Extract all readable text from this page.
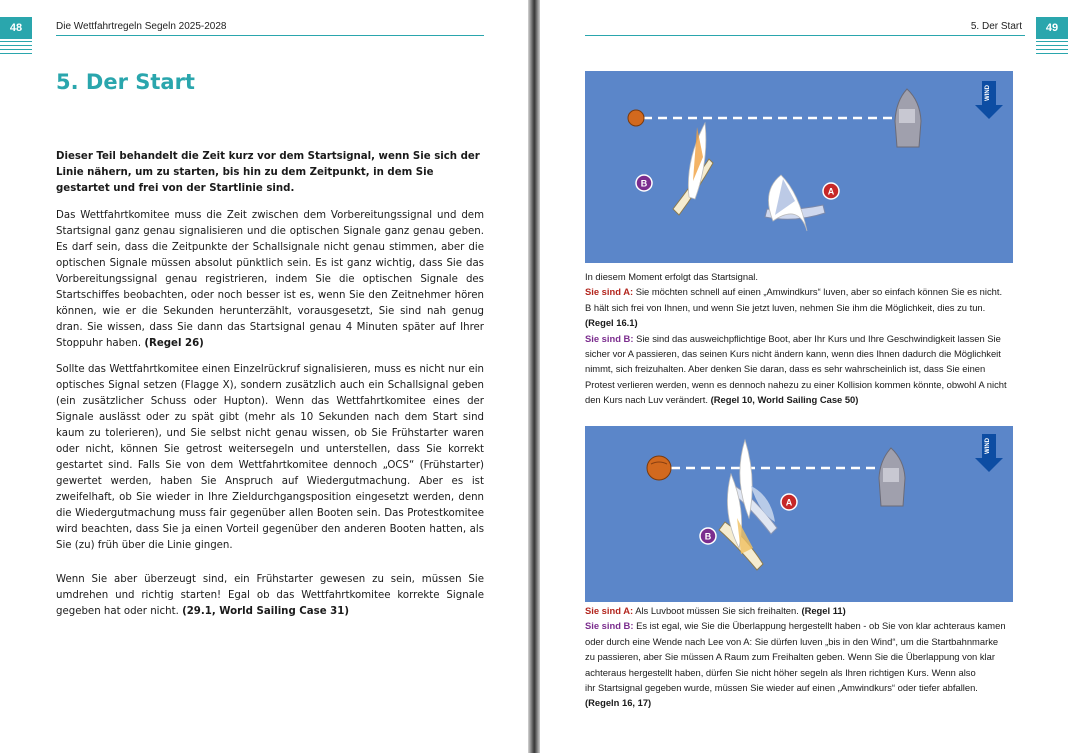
48	Die Wettfahrtregeln Segeln 2025-2028
5. Der Start

Dieser Teil behandelt die Zeit kurz vor dem Startsignal, wenn Sie sich der Linie nähern, um zu starten, bis hin zu dem Zeitpunkt, in dem Sie gestartet und frei von der Startlinie sind.

Das Wettfahrtkomitee muss die Zeit zwischen dem Vorbereitungssignal und dem Startsignal ganz genau signalisieren und die optischen Signale ganz genau geben. Es darf sein, dass die Zeitpunkte der Schallsignale nicht genau stimmen, aber die optischen Signale müssen absolut pünktlich sein. Es ist ganz wichtig, dass Sie das Vorbereitungssignal genau registrieren, indem Sie die optischen Signale des Startschiffes beobachten, oder noch besser ist es, wenn Sie den Zeitnehmer hören können, wie er die Sekunden herunterzählt, vorausgesetzt, Sie sind nah genug dran. Sie wissen, dass Sie dann das Startsignal genau 4 Minuten später auf Ihrer Stoppuhr haben. (Regel 26)

Sollte das Wettfahrtkomitee einen Einzelrückruf signalisieren, muss es nicht nur ein optisches Signal setzen (Flagge X), sondern zusätzlich auch ein Schallsignal geben (ein zusätzlicher Schuss oder Hupton). Wenn das Wettfahrtkomitee eines der Signale auslässt oder zu spät gibt (mehr als 10 Sekunden nach dem Start sind kaum zu tolerieren), und Sie selbst nicht genau wissen, ob Sie Frühstarter waren oder nicht, können Sie getrost weitersegeln und unterstellen, dass Sie korrekt gestartet sind. Falls Sie von dem Wettfahrtkomitee dennoch „OCS“ (Frühstarter) gewertet werden, haben Sie Anspruch auf Wiedergutmachung. Aber es ist zweifelhaft, ob Sie wieder in Ihre Zieldurchgangsposition eingesetzt werden, denn die Wiedergutmachung muss fair gegenüber allen Booten sein. Das Protestkomitee wird beachten, dass Sie ja einen Vorteil gegenüber den anderen Booten hatten, als Sie (zu) früh über die Linie gingen.

Wenn Sie aber überzeugt sind, ein Frühstarter gewesen zu sein, müssen Sie umdrehen und richtig starten! Egal ob das Wettfahrtkomitee korrekte Signale gegeben hat oder nicht. (29.1, World Sailing Case 31)

5. Der Start	49
WIND
B
A
In diesem Moment erfolgt das Startsignal.
Sie sind A: Sie möchten schnell auf einen „Amwindkurs“ luven, aber so einfach können Sie es nicht.
B hält sich frei von Ihnen, und wenn Sie jetzt luven, nehmen Sie ihm die Möglichkeit, dies zu tun.
(Regel 16.1)
Sie sind B: Sie sind das ausweichpflichtige Boot, aber Ihr Kurs und Ihre Geschwindigkeit lassen Sie
sicher vor A passieren, das seinen Kurs nicht ändern kann, wenn dies Ihnen dadurch die Möglichkeit
nimmt, sich freizuhalten. Aber denken Sie daran, dass es sehr wahrscheinlich ist, dass Sie einen
Protest verlieren werden, wenn es dennoch nahezu zu einer Kollision kommen könnte, obwohl A nicht
den Kurs nach Luv verändert. (Regel 10, World Sailing Case 50)
WIND
A
B
Sie sind A: Als Luvboot müssen Sie sich freihalten. (Regel 11)
Sie sind B: Es ist egal, wie Sie die Überlappung hergestellt haben - ob Sie von klar achteraus kamen
oder durch eine Wende nach Lee von A: Sie dürfen luven „bis in den Wind“, um die Startbahnmarke
zu passieren, aber Sie müssen A Raum zum Freihalten geben. Wenn Sie die Überlappung von klar
achteraus hergestellt haben, dürfen Sie nicht höher segeln als Ihren richtigen Kurs. Wenn also
ihr Startsignal gegeben wurde, müssen Sie wieder auf einen „Amwindkurs“ oder tiefer abfallen.
(Regeln 16, 17)
